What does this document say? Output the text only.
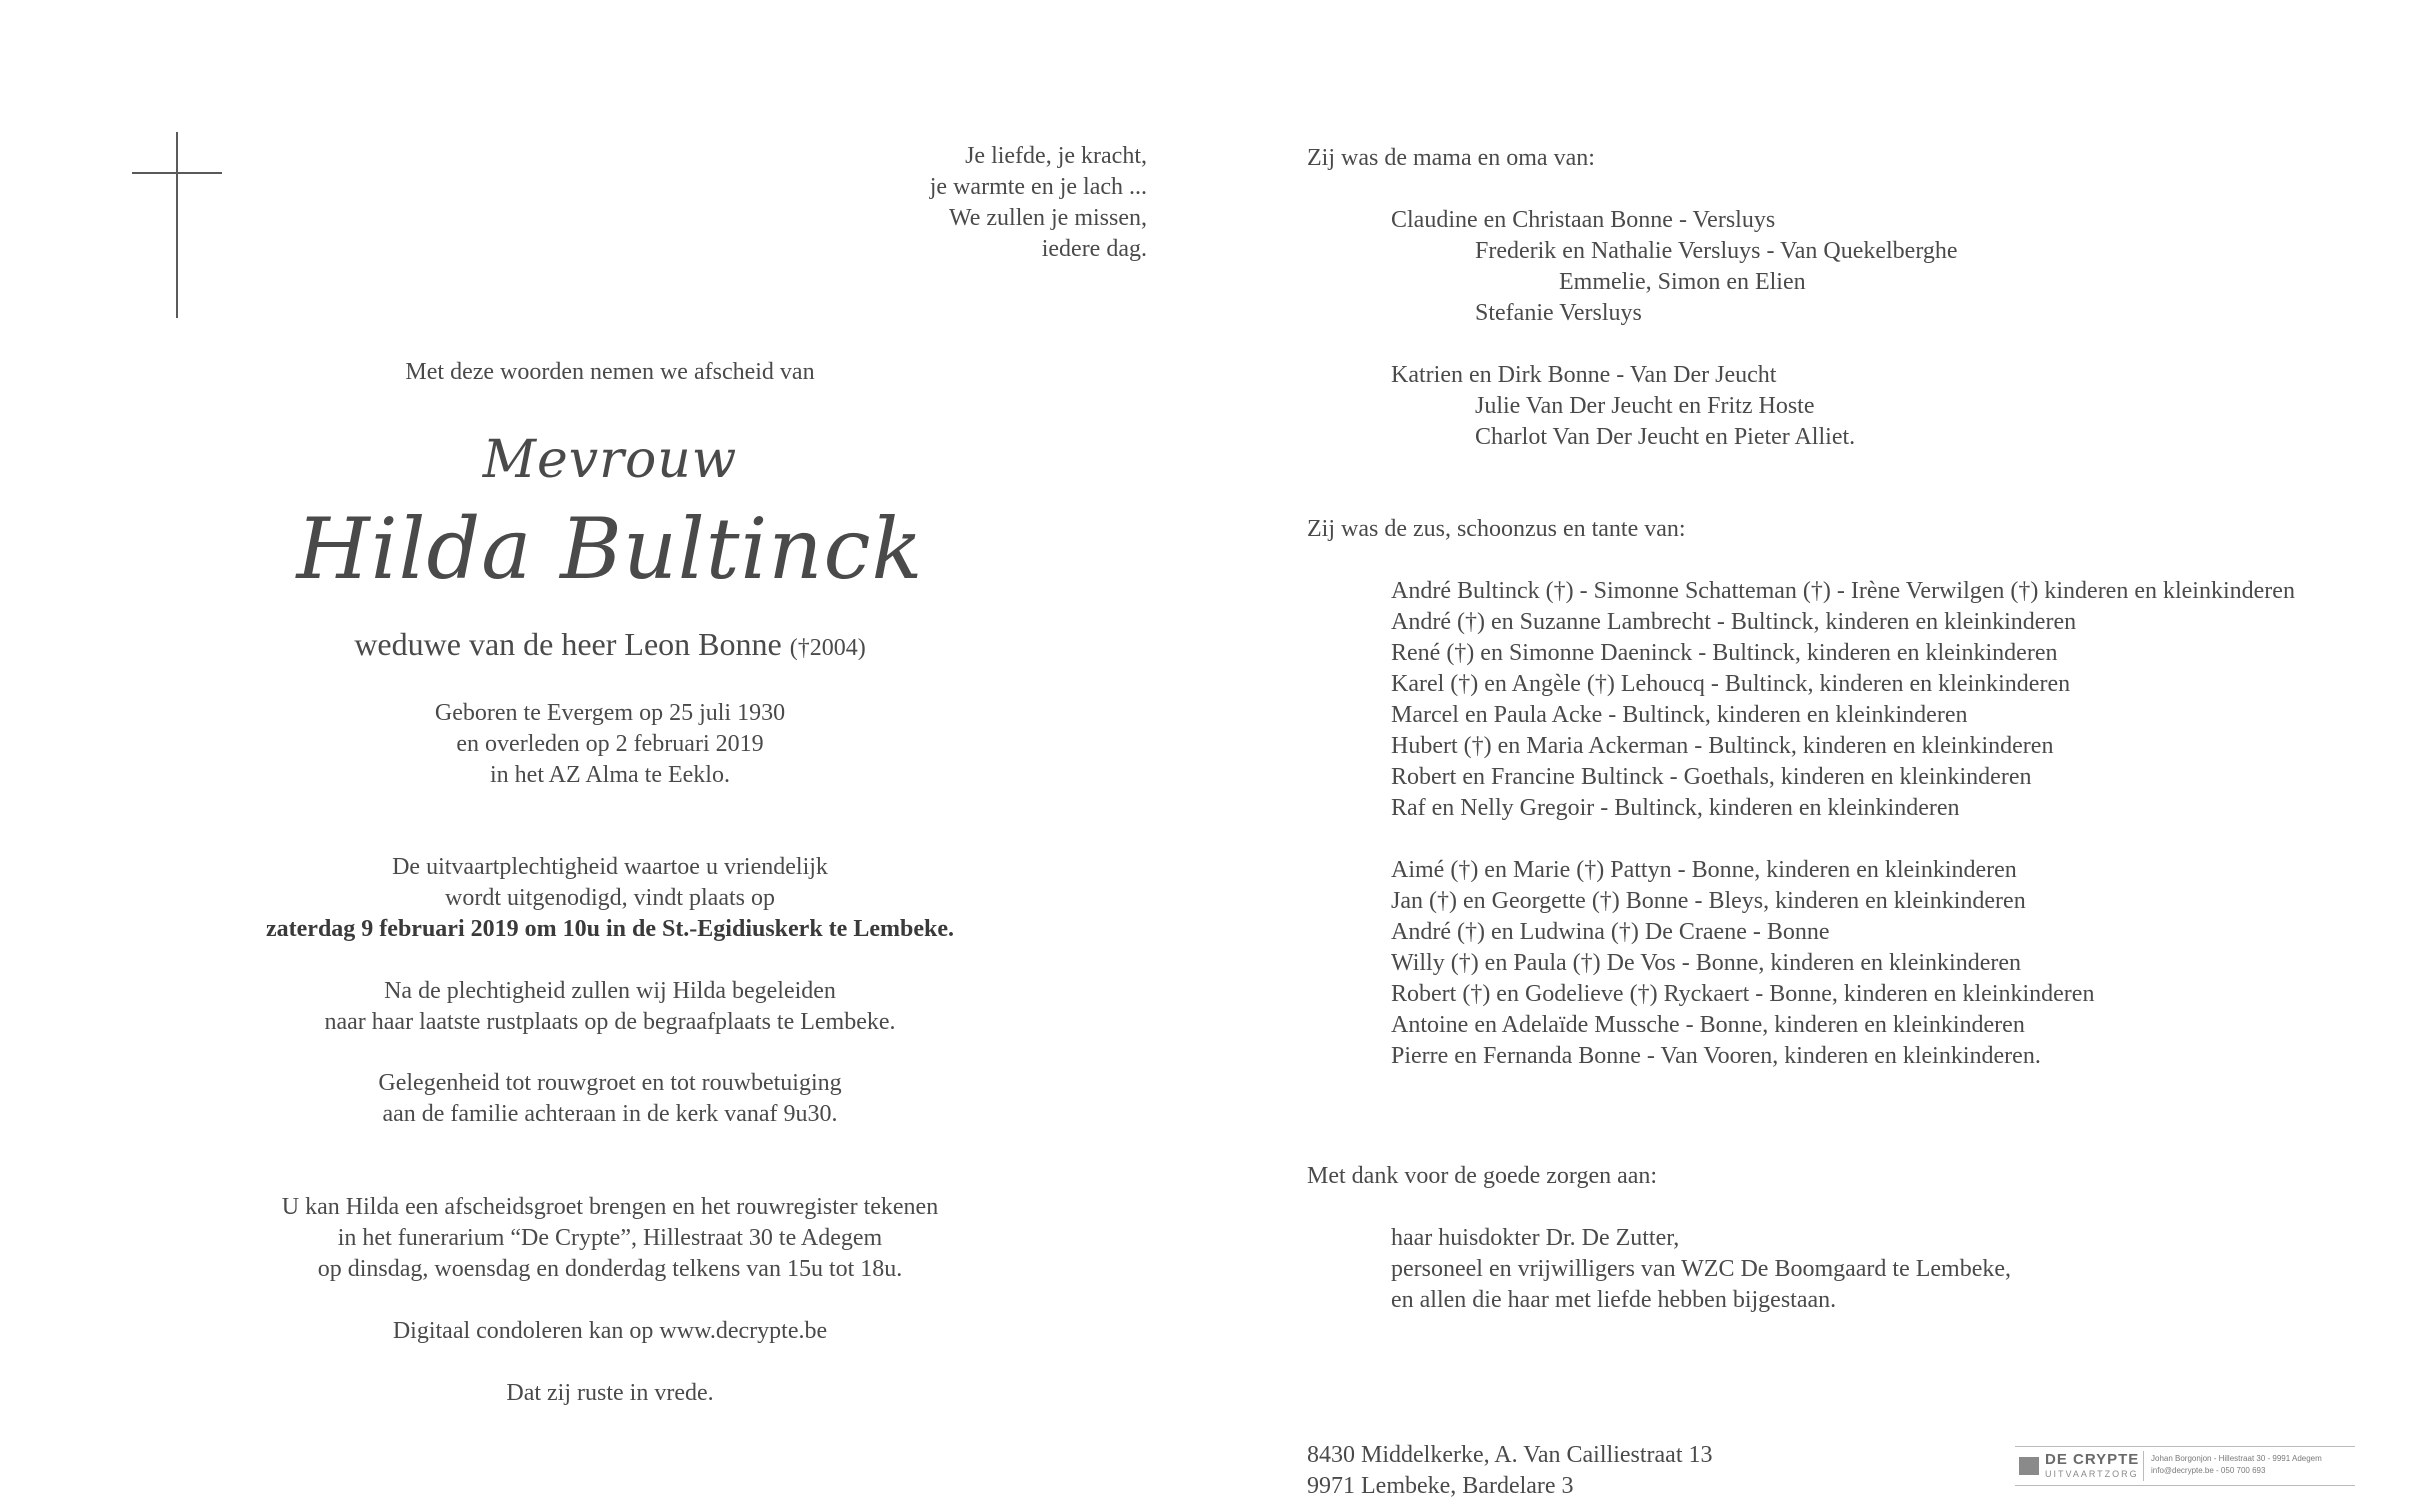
Je liefde, je kracht,
je warmte en je lach ...
We zullen je missen,
iedere dag.
Met deze woorden nemen we afscheid van
Mevrouw
Hilda Bultinck
weduwe van de heer Leon Bonne (†2004)
Geboren te Evergem op 25 juli 1930
en overleden op 2 februari 2019
in het AZ Alma te Eeklo.
De uitvaartplechtigheid waartoe u vriendelijk
wordt uitgenodigd, vindt plaats op
zaterdag 9 februari 2019 om 10u in de St.-Egidiuskerk te Lembeke.
Na de plechtigheid zullen wij Hilda begeleiden
naar haar laatste rustplaats op de begraafplaats te Lembeke.
Gelegenheid tot rouwgroet en tot rouwbetuiging
aan de familie achteraan in de kerk vanaf 9u30.
U kan Hilda een afscheidsgroet brengen en het rouwregister tekenen
in het funerarium “De Crypte”, Hillestraat 30 te Adegem
op dinsdag, woensdag en donderdag telkens van 15u tot 18u.
Digitaal condoleren kan op www.decrypte.be
Dat zij ruste in vrede.
Zij was de mama en oma van:
Claudine en Christaan Bonne - Versluys
Frederik en Nathalie Versluys - Van Quekelberghe
Emmelie, Simon en Elien
Stefanie Versluys
Katrien en Dirk Bonne - Van Der Jeucht
Julie Van Der Jeucht en Fritz Hoste
Charlot Van Der Jeucht en Pieter Alliet.
Zij was de zus, schoonzus en tante van:
André Bultinck (†) - Simonne Schatteman (†) - Irène Verwilgen (†) kinderen en kleinkinderen
André (†) en Suzanne Lambrecht - Bultinck, kinderen en kleinkinderen
René (†) en Simonne Daeninck - Bultinck, kinderen en kleinkinderen
Karel (†) en Angèle (†) Lehoucq - Bultinck, kinderen en kleinkinderen
Marcel en Paula Acke - Bultinck, kinderen en kleinkinderen
Hubert (†) en Maria Ackerman - Bultinck, kinderen en kleinkinderen
Robert en Francine Bultinck - Goethals, kinderen en kleinkinderen
Raf en Nelly Gregoir - Bultinck, kinderen en kleinkinderen
Aimé (†) en Marie (†) Pattyn - Bonne, kinderen en kleinkinderen
Jan (†) en Georgette (†) Bonne - Bleys, kinderen en kleinkinderen
André (†) en Ludwina (†) De Craene - Bonne
Willy (†) en Paula (†) De Vos - Bonne, kinderen en kleinkinderen
Robert (†) en Godelieve (†) Ryckaert - Bonne, kinderen en kleinkinderen
Antoine en Adelaïde Mussche - Bonne, kinderen en kleinkinderen
Pierre en Fernanda Bonne - Van Vooren, kinderen en kleinkinderen.
Met dank voor de goede zorgen aan:
haar huisdokter Dr. De Zutter,
personeel en vrijwilligers van WZC De Boomgaard te Lembeke,
en allen die haar met liefde hebben bijgestaan.
8430 Middelkerke, A. Van Cailliestraat 13
9971 Lembeke, Bardelare 3
DE CRYPTE
UITVAARTZORG
Johan Borgonjon - Hillestraat 30 - 9991 Adegem
info@decrypte.be - 050 700 693
